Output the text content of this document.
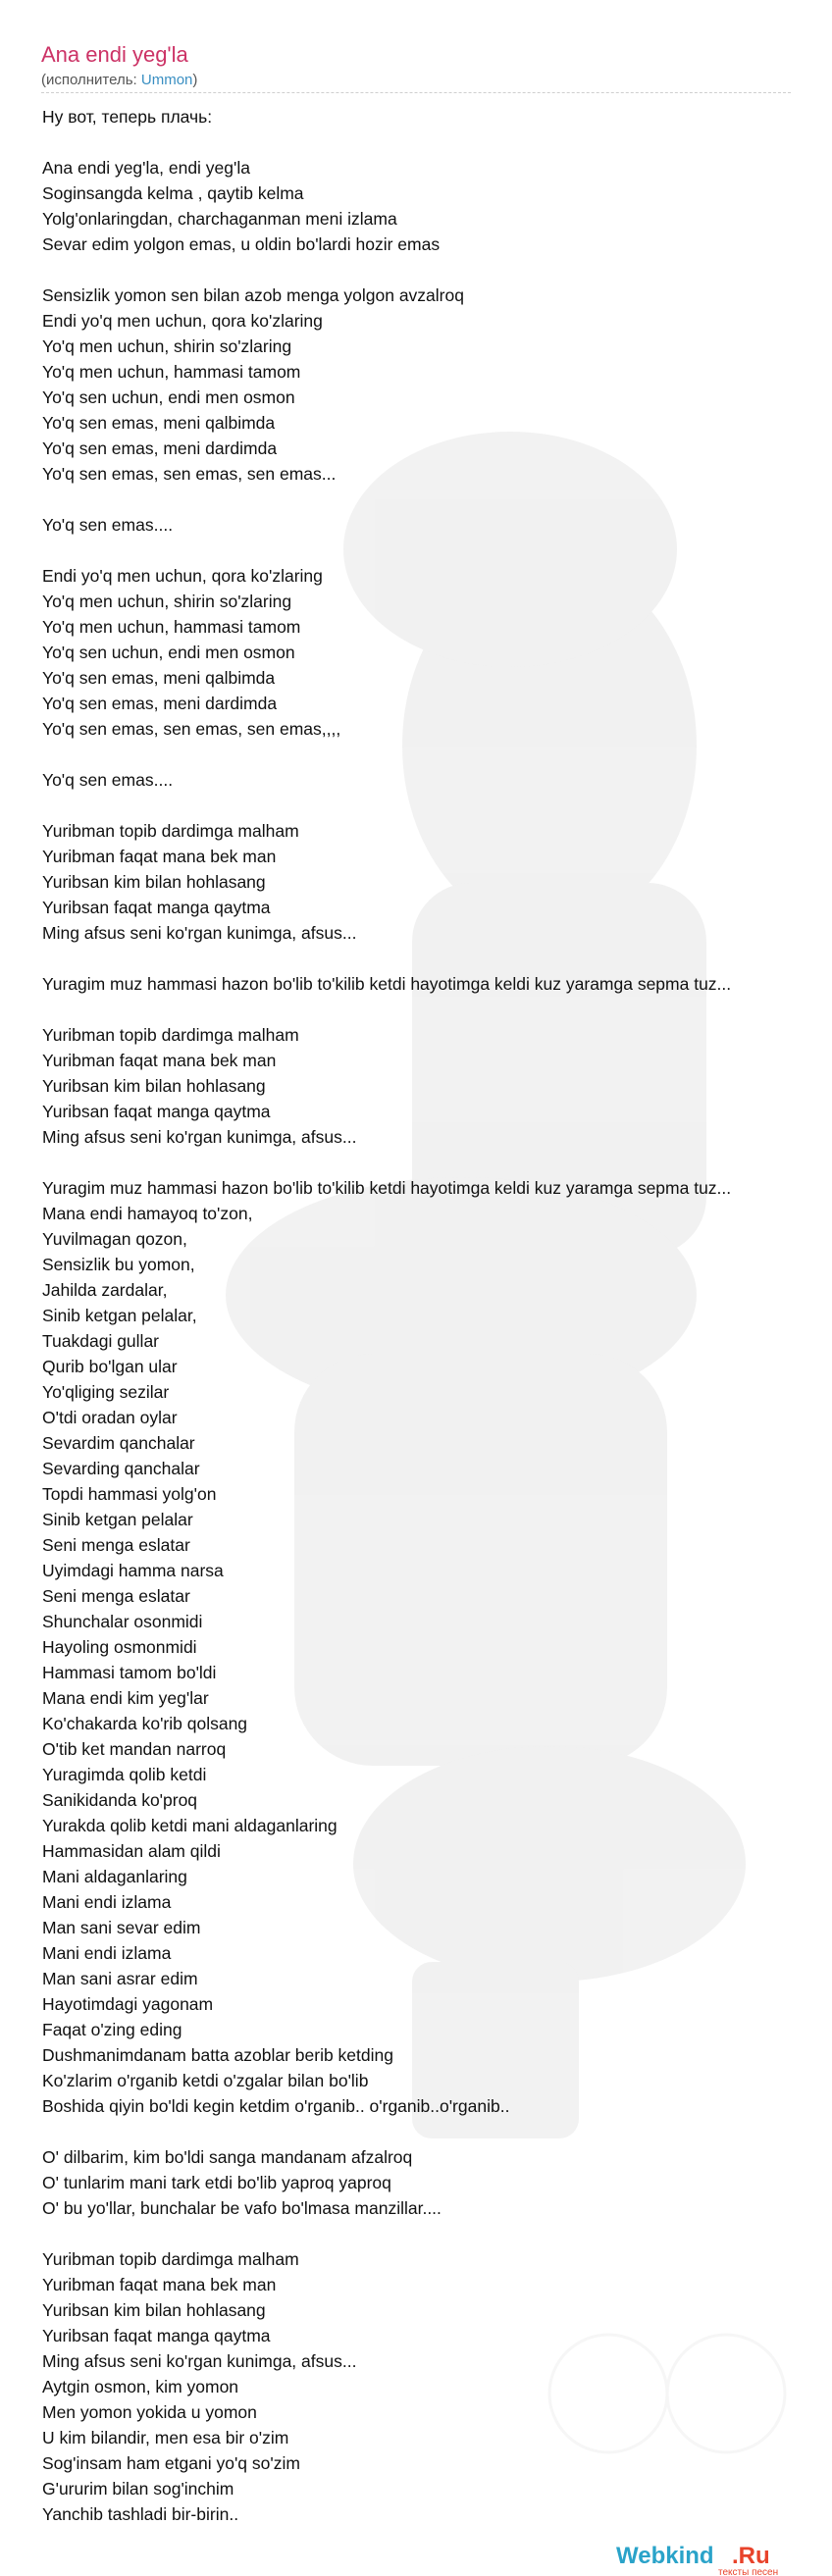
Ana endi yeg'la
(исполнитель: Ummon)
Ну вот, теперь плачь:
Ana endi yeg'la, endi yeg'la
Soginsangda kelma , qaytib kelma
Yolg'onlaringdan, charchaganman meni izlama
Sevar edim yolgon emas, u oldin bo'lardi hozir emas
Sensizlik yomon sen bilan azob menga yolgon avzalroq
Endi yo'q men uchun, qora ko'zlaring
Yo'q men uchun, shirin so'zlaring
Yo'q men uchun, hammasi tamom
Yo'q sen uchun, endi men osmon
Yo'q sen emas, meni qalbimda
Yo'q sen emas, meni dardimda
Yo'q sen emas, sen emas, sen emas...
Yo'q sen emas....
Endi yo'q men uchun, qora ko'zlaring
Yo'q men uchun, shirin so'zlaring
Yo'q men uchun, hammasi tamom
Yo'q sen uchun, endi men osmon
Yo'q sen emas, meni qalbimda
Yo'q sen emas, meni dardimda
Yo'q sen emas, sen emas, sen emas,,,,
Yo'q sen emas....
Yuribman topib dardimga malham
Yuribman faqat mana bek man
Yuribsan kim bilan hohlasang
Yuribsan faqat manga qaytma
Ming afsus seni ko'rgan kunimga, afsus...
Yuragim muz hammasi hazon bo'lib to'kilib ketdi hayotimga keldi kuz yaramga sepma tuz...
Yuribman topib dardimga malham
Yuribman faqat mana bek man
Yuribsan kim bilan hohlasang
Yuribsan faqat manga qaytma
Ming afsus seni ko'rgan kunimga, afsus...
Yuragim muz hammasi hazon bo'lib to'kilib ketdi hayotimga keldi kuz yaramga sepma tuz...
Mana endi hamayoq to'zon,
Yuvilmagan qozon,
Sensizlik bu yomon,
Jahilda zardalar,
Sinib ketgan pelalar,
Tuakdagi gullar
Qurib bo'lgan ular
Yo'qliging sezilar
O'tdi oradan oylar
Sevardim qanchalar
Sevarding qanchalar
Topdi hammasi yolg'on
Sinib ketgan pelalar
Seni menga eslatar
Uyimdagi hamma narsa
Seni menga eslatar
Shunchalar osonmidi
Hayoling osmonmidi
Hammasi tamom bo'ldi
Mana endi kim yeg'lar
Ko'chakarda ko'rib qolsang
O'tib ket mandan narroq
Yuragimda qolib ketdi
Sanikidanda ko'proq
Yurakda qolib ketdi mani aldaganlaring
Hammasidan alam qildi
Mani aldaganlaring
Mani endi izlama
Man sani sevar edim
Mani endi izlama
Man sani asrar edim
Hayotimdagi yagonam
Faqat o'zing eding
Dushmanimdanam batta azoblar berib ketding
Ko'zlarim o'rganib ketdi o'zgalar bilan bo'lib
Boshida qiyin bo'ldi kegin ketdim o'rganib.. o'rganib..o'rganib..
O' dilbarim, kim bo'ldi sanga mandanam afzalroq
O' tunlarim mani tark etdi bo'lib yaproq yaproq
O' bu yo'llar, bunchalar be vafo bo'lmasa manzillar....
Yuribman topib dardimga malham
Yuribman faqat mana bek man
Yuribsan kim bilan hohlasang
Yuribsan faqat manga qaytma
Ming afsus seni ko'rgan kunimga, afsus...
Aytgin osmon, kim yomon
Men yomon yokida u yomon
U kim bilandir, men esa bir o'zim
Sog'insam ham etgani yo'q so'zim
G'ururim bilan sog'inchim
Yanchib tashladi bir-birin..
Webkind .Ru
тексты песен
